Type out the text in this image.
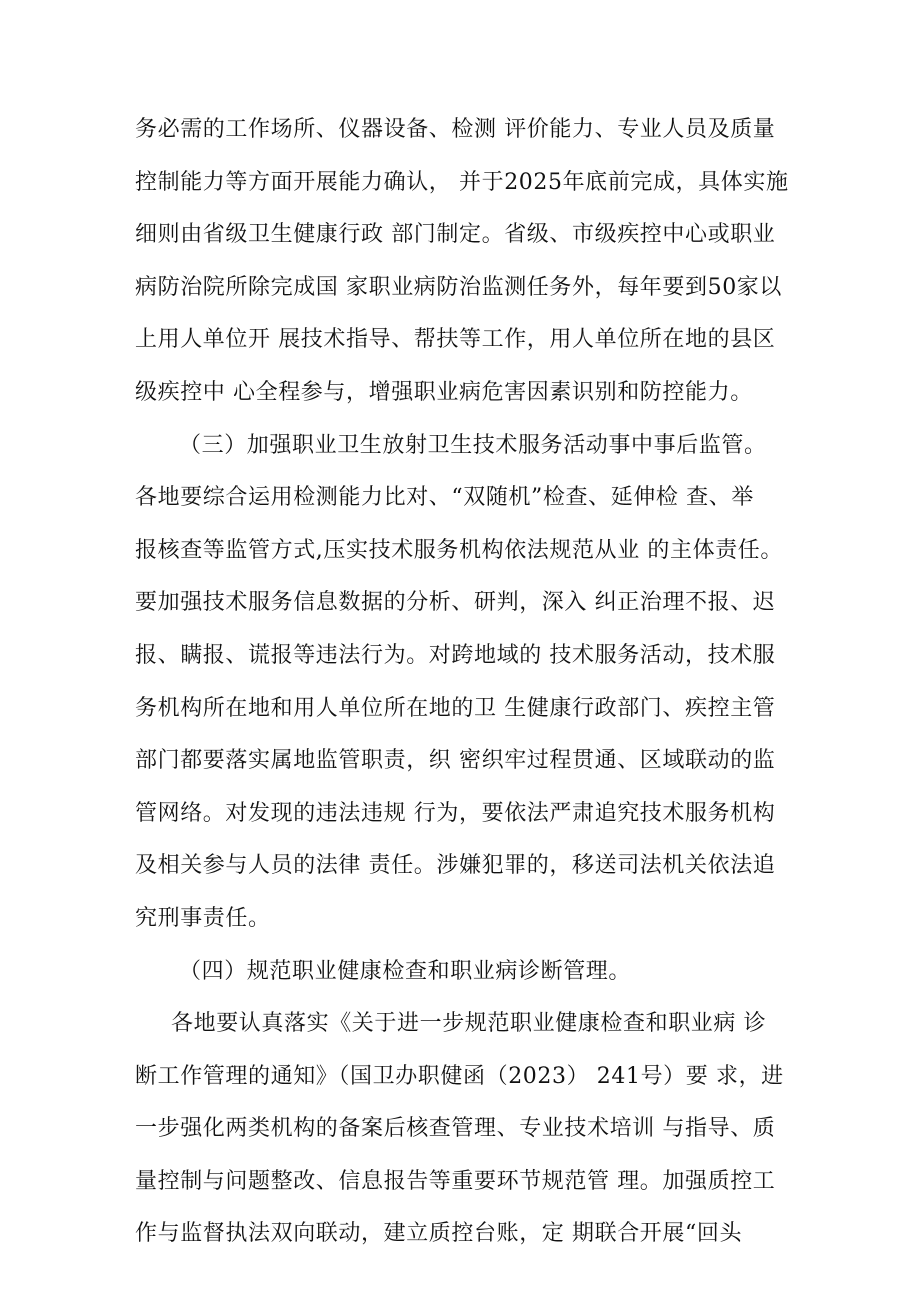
务必需的工作场所、仪器设备、检测 评价能力、专业人员及质量
控制能力等方面开展能力确认， 并于2025年底前完成，具体实施
细则由省级卫生健康行政 部门制定。省级、市级疾控中心或职业
病防治院所除完成国 家职业病防治监测任务外，每年要到50家以
上用人单位开 展技术指导、帮扶等工作，用人单位所在地的县区
级疾控中 心全程参与，增强职业病危害因素识别和防控能力。
（三）加强职业卫生放射卫生技术服务活动事中事后监管。
各地要综合运用检测能力比对、“双随机”检查、延伸检 查、举
报核查等监管方式,压实技术服务机构依法规范从业 的主体责任。
要加强技术服务信息数据的分析、研判，深入 纠正治理不报、迟
报、瞒报、谎报等违法行为。对跨地域的 技术服务活动，技术服
务机构所在地和用人单位所在地的卫 生健康行政部门、疾控主管
部门都要落实属地监管职责，织 密织牢过程贯通、区域联动的监
管网络。对发现的违法违规 行为，要依法严肃追究技术服务机构
及相关参与人员的法律 责任。涉嫌犯罪的，移送司法机关依法追
究刑事责任。
（四）规范职业健康检查和职业病诊断管理。
各地要认真落实《关于进一步规范职业健康检查和职业病 诊
断工作管理的通知》（国卫办职健函（2023） 241号）要 求，进
一步强化两类机构的备案后核查管理、专业技术培训 与指导、质
量控制与问题整改、信息报告等重要环节规范管 理。加强质控工
作与监督执法双向联动，建立质控台账，定 期联合开展“回头
